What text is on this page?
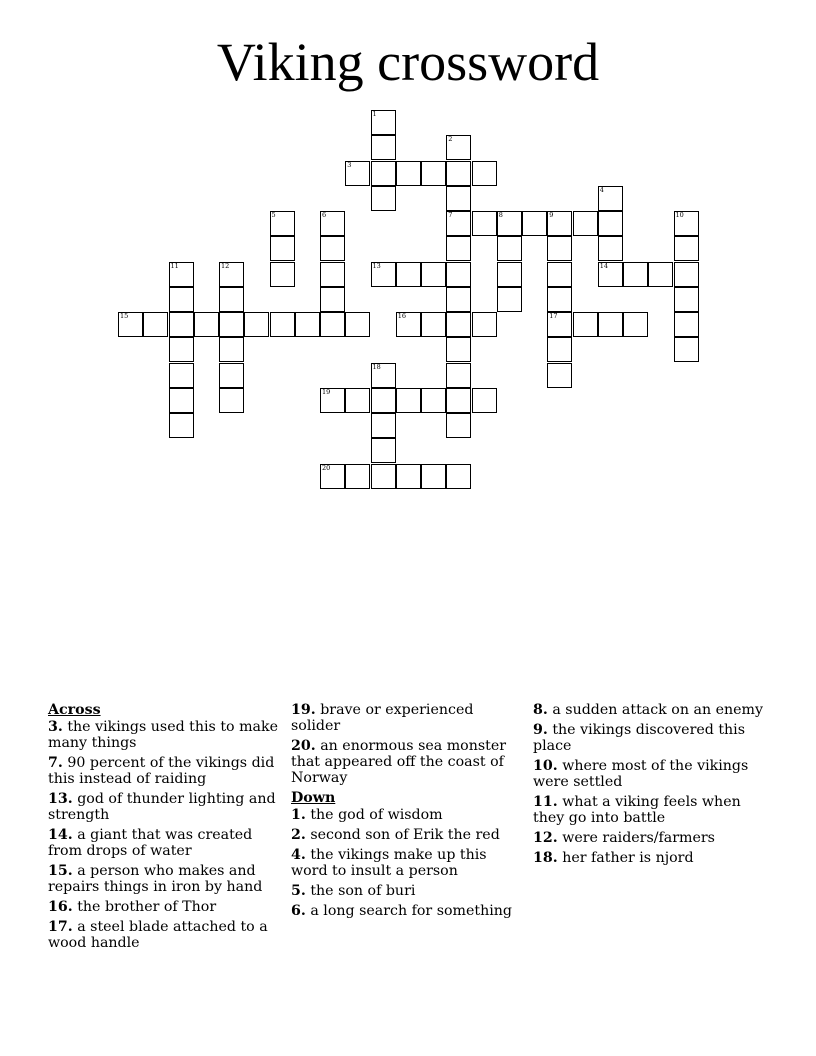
Viking crossword
1
2
3
4
14
5	6	7	8	9
17
10
11	12	13
15	16
18
19
20
Across
3. the vikings used this to make many things
7. 90 percent of the vikings did this instead of raiding
13. god of thunder lighting and strength
14. a giant that was created from drops of water
15. a person who makes and repairs things in iron by hand
16. the brother of Thor
17. a steel blade attached to a wood handle
19. brave or experienced solider
20. an enormous sea monster that appeared off the coast of Norway
Down
1. the god of wisdom
2. second son of Erik the red
4. the vikings make up this word to insult a person
5. the son of buri
6. a long search for something
8. a sudden attack on an enemy
9. the vikings discovered this place
10. where most of the vikings were settled
11. what a viking feels when they go into battle
12. were raiders/farmers
18. her father is njord
